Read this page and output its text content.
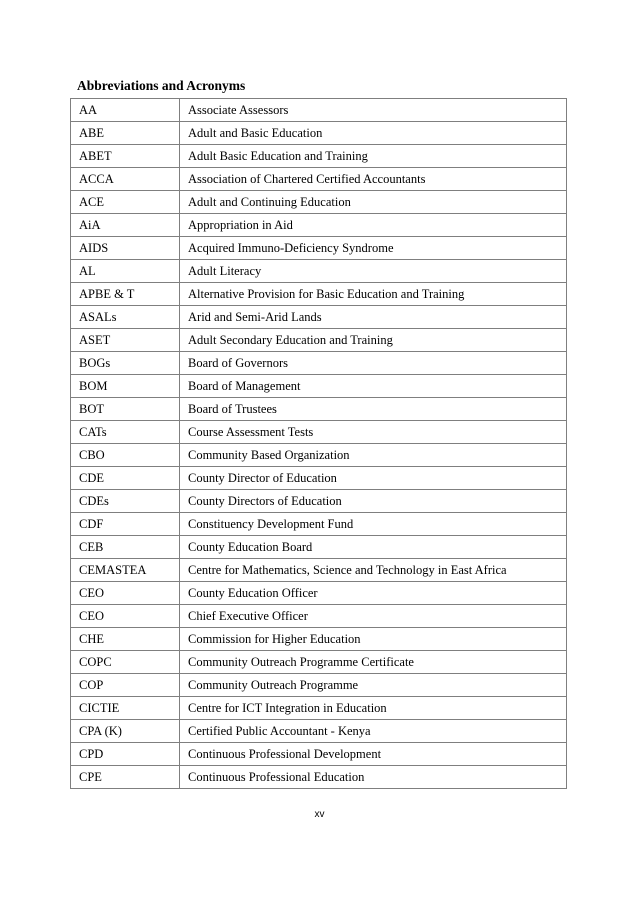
Abbreviations and Acronyms
AA	Associate Assessors
ABE	Adult and Basic Education
ABET	Adult Basic Education and Training
ACCA	Association of Chartered Certified Accountants
ACE	Adult and Continuing Education
AiA	Appropriation in Aid
AIDS	Acquired Immuno-Deficiency Syndrome
AL	Adult Literacy
APBE & T	Alternative Provision for Basic Education and Training
ASALs	Arid and Semi-Arid Lands
ASET	Adult Secondary Education and Training
BOGs	Board of Governors
BOM	Board of Management
BOT	Board of Trustees
CATs	Course Assessment Tests
CBO	Community Based Organization
CDE	County Director of Education
CDEs	County Directors of Education
CDF	Constituency Development Fund
CEB	County Education Board
CEMASTEA	Centre for Mathematics, Science and Technology in East Africa
CEO	County Education Officer
CEO	Chief Executive Officer
CHE	Commission for Higher Education
COPC	Community Outreach Programme Certificate
COP	Community Outreach Programme
CICTIE	Centre for ICT Integration in Education
CPA (K)	Certified Public Accountant - Kenya
CPD	Continuous Professional Development
CPE	Continuous Professional Education
xv
